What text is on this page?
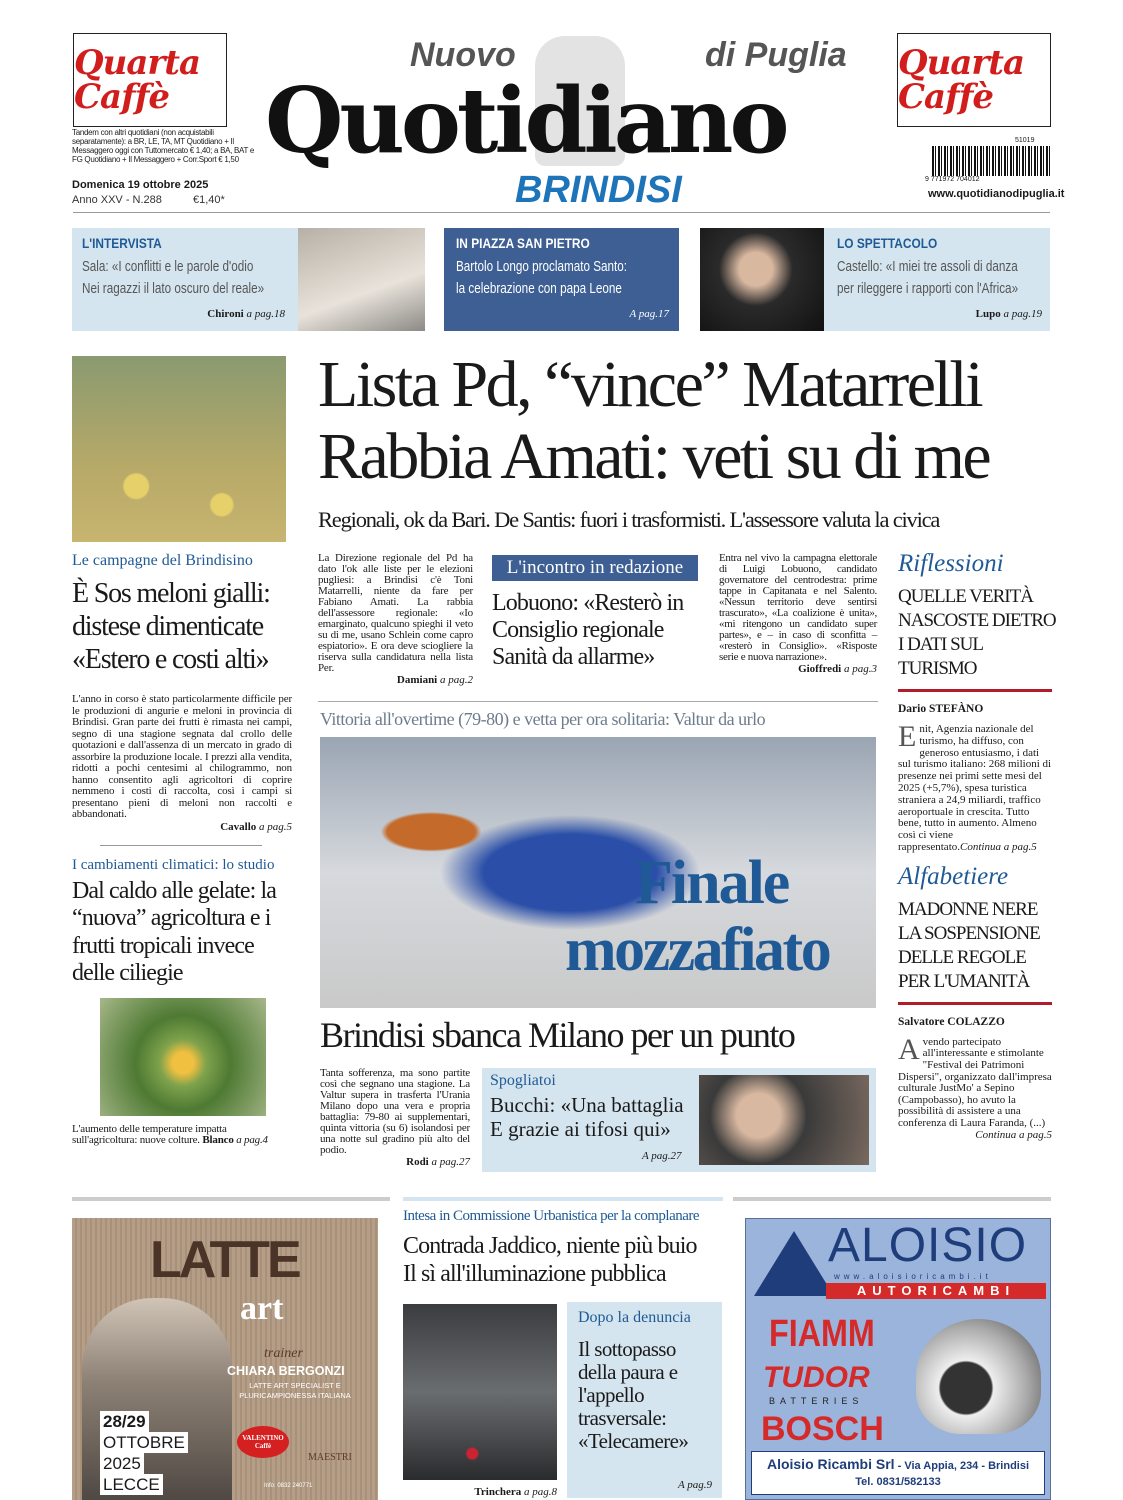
Quarta Caffè
Quarta Caffè
Tandem con altri quotidiani (non acquistabili separatamente): a BR, LE, TA, MT Quotidiano + Il Messaggero oggi con Tuttomercato € 1,40; a BA, BAT e FG Quotidiano + Il Messaggero + Corr.Sport € 1,50
Domenica 19 ottobre 2025
Anno XXV - N.288	€1,40*
Nuovo	di Puglia
Quotidiano
BRINDISI	9 771972 704012
51019
www.quotidianodipuglia.it
L'INTERVISTA
Sala: «I conflitti e le parole d'odio
Nei ragazzi il lato oscuro del reale»
Chironi a pag.18
IN PIAZZA SAN PIETRO
Bartolo Longo proclamato Santo:
la celebrazione con papa Leone
A pag.17
LO SPETTACOLO
Castello: «I miei tre assoli di danza
per rileggere i rapporti con l'Africa»
Lupo a pag.19
Le campagne del Brindisino
È Sos meloni gialli: distese dimenticate «Estero e costi alti»
L'anno in corso è stato particolarmente difficile per le produzioni di angurie e meloni in provincia di Brindisi. Gran parte dei frutti è rimasta nei campi, segno di una stagione segnata dal crollo delle quotazioni e dall'assenza di un mercato in grado di assorbire la produzione locale. I prezzi alla vendita, ridotti a pochi centesimi al chilogrammo, non hanno consentito agli agricoltori di coprire nemmeno i costi di raccolta, così i campi si presentano pieni di meloni non raccolti e abbandonati.
Cavallo a pag.5
I cambiamenti climatici: lo studio
Dal caldo alle gelate: la “nuova” agricoltura e i frutti tropicali invece delle ciliegie
L'aumento delle temperature impatta sull'agricoltura: nuove colture. Blanco a pag.4
Lista Pd, “vince” Matarrelli
Rabbia Amati: veti su di me
Regionali, ok da Bari. De Santis: fuori i trasformisti. L'assessore valuta la civica
La Direzione regionale del Pd ha dato l'ok alle liste per le elezioni pugliesi: a Brindisi c'è Toni Matarrelli, niente da fare per Fabiano Amati. La rabbia dell'assessore regionale: «Io emarginato, qualcuno spieghi il veto su di me, usano Schlein come capro espiatorio». E ora deve sciogliere la riserva sulla candidatura nella lista Per.
Damiani a pag.2
L'incontro in redazione
Lobuono: «Resterò in Consiglio regionale Sanità da allarme»
Entra nel vivo la campagna elettorale di Luigi Lobuono, candidato governatore del centrodestra: prime tappe in Capitanata e nel Salento. «Nessun territorio deve sentirsi trascurato», «La coalizione è unita», «mi ritengono un candidato super partes», e – in caso di sconfitta – «resterò in Consiglio». «Risposte serie e nuova narrazione».
Gioffredi a pag.3
Vittoria all'overtime (79-80) e vetta per ora solitaria: Valtur da urlo
Finale
mozzafiato
Brindisi sbanca Milano per un punto
Tanta sofferenza, ma sono partite così che segnano una stagione. La Valtur supera in trasferta l'Urania Milano dopo una vera e propria battaglia: 79-80 ai supplementari, quinta vittoria (su 6) isolandosi per una notte sul gradino più alto del podio.
Rodi a pag.27
Spogliatoi
Bucchi: «Una battaglia
E grazie ai tifosi qui»
A pag.27
Riflessioni
QUELLE VERITÀ NASCOSTE DIETRO I DATI SUL TURISMO
Dario STEFÀNO
Enit, Agenzia nazionale del turismo, ha diffuso, con generoso entusiasmo, i dati sul turismo italiano: 268 milioni di presenze nei primi sette mesi del 2025 (+5,7%), spesa turistica straniera a 24,9 miliardi, traffico aeroportuale in crescita. Tutto bene, tutto in aumento. Almeno così ci viene rappresentato.Continua a pag.5
Alfabetiere
MADONNE NERE LA SOSPENSIONE DELLE REGOLE PER L'UMANITÀ
Salvatore COLAZZO
Avendo partecipato all'interessante e stimolante "Festival dei Patrimoni Dispersi", organizzato dall'impresa culturale JustMo' a Sepino (Campobasso), ho avuto la possibilità di assistere a una conferenza di Laura Faranda, (...)
Continua a pag.5
LATTE
art
trainer
CHIARA BERGONZI
LATTE ART SPECIALIST E PLURICAMPIONESSA ITALIANA
28/29
OTTOBRE
2025
LECCE
VALENTINO
Caffè
MAESTRI
Info: 0832 240771
Intesa in Commissione Urbanistica per la complanare
Contrada Jaddico, niente più buio
Il sì all'illuminazione pubblica
Trinchera a pag.8
Dopo la denuncia
Il sottopasso della paura e l'appello trasversale: «Telecamere»
A pag.9
ALOISIO
www.aloisioricambi.it
AUTORICAMBI
FIAMM
TUDOR
BATTERIES
BOSCH
Aloisio Ricambi Srl - Via Appia, 234 - Brindisi
Tel. 0831/582133
